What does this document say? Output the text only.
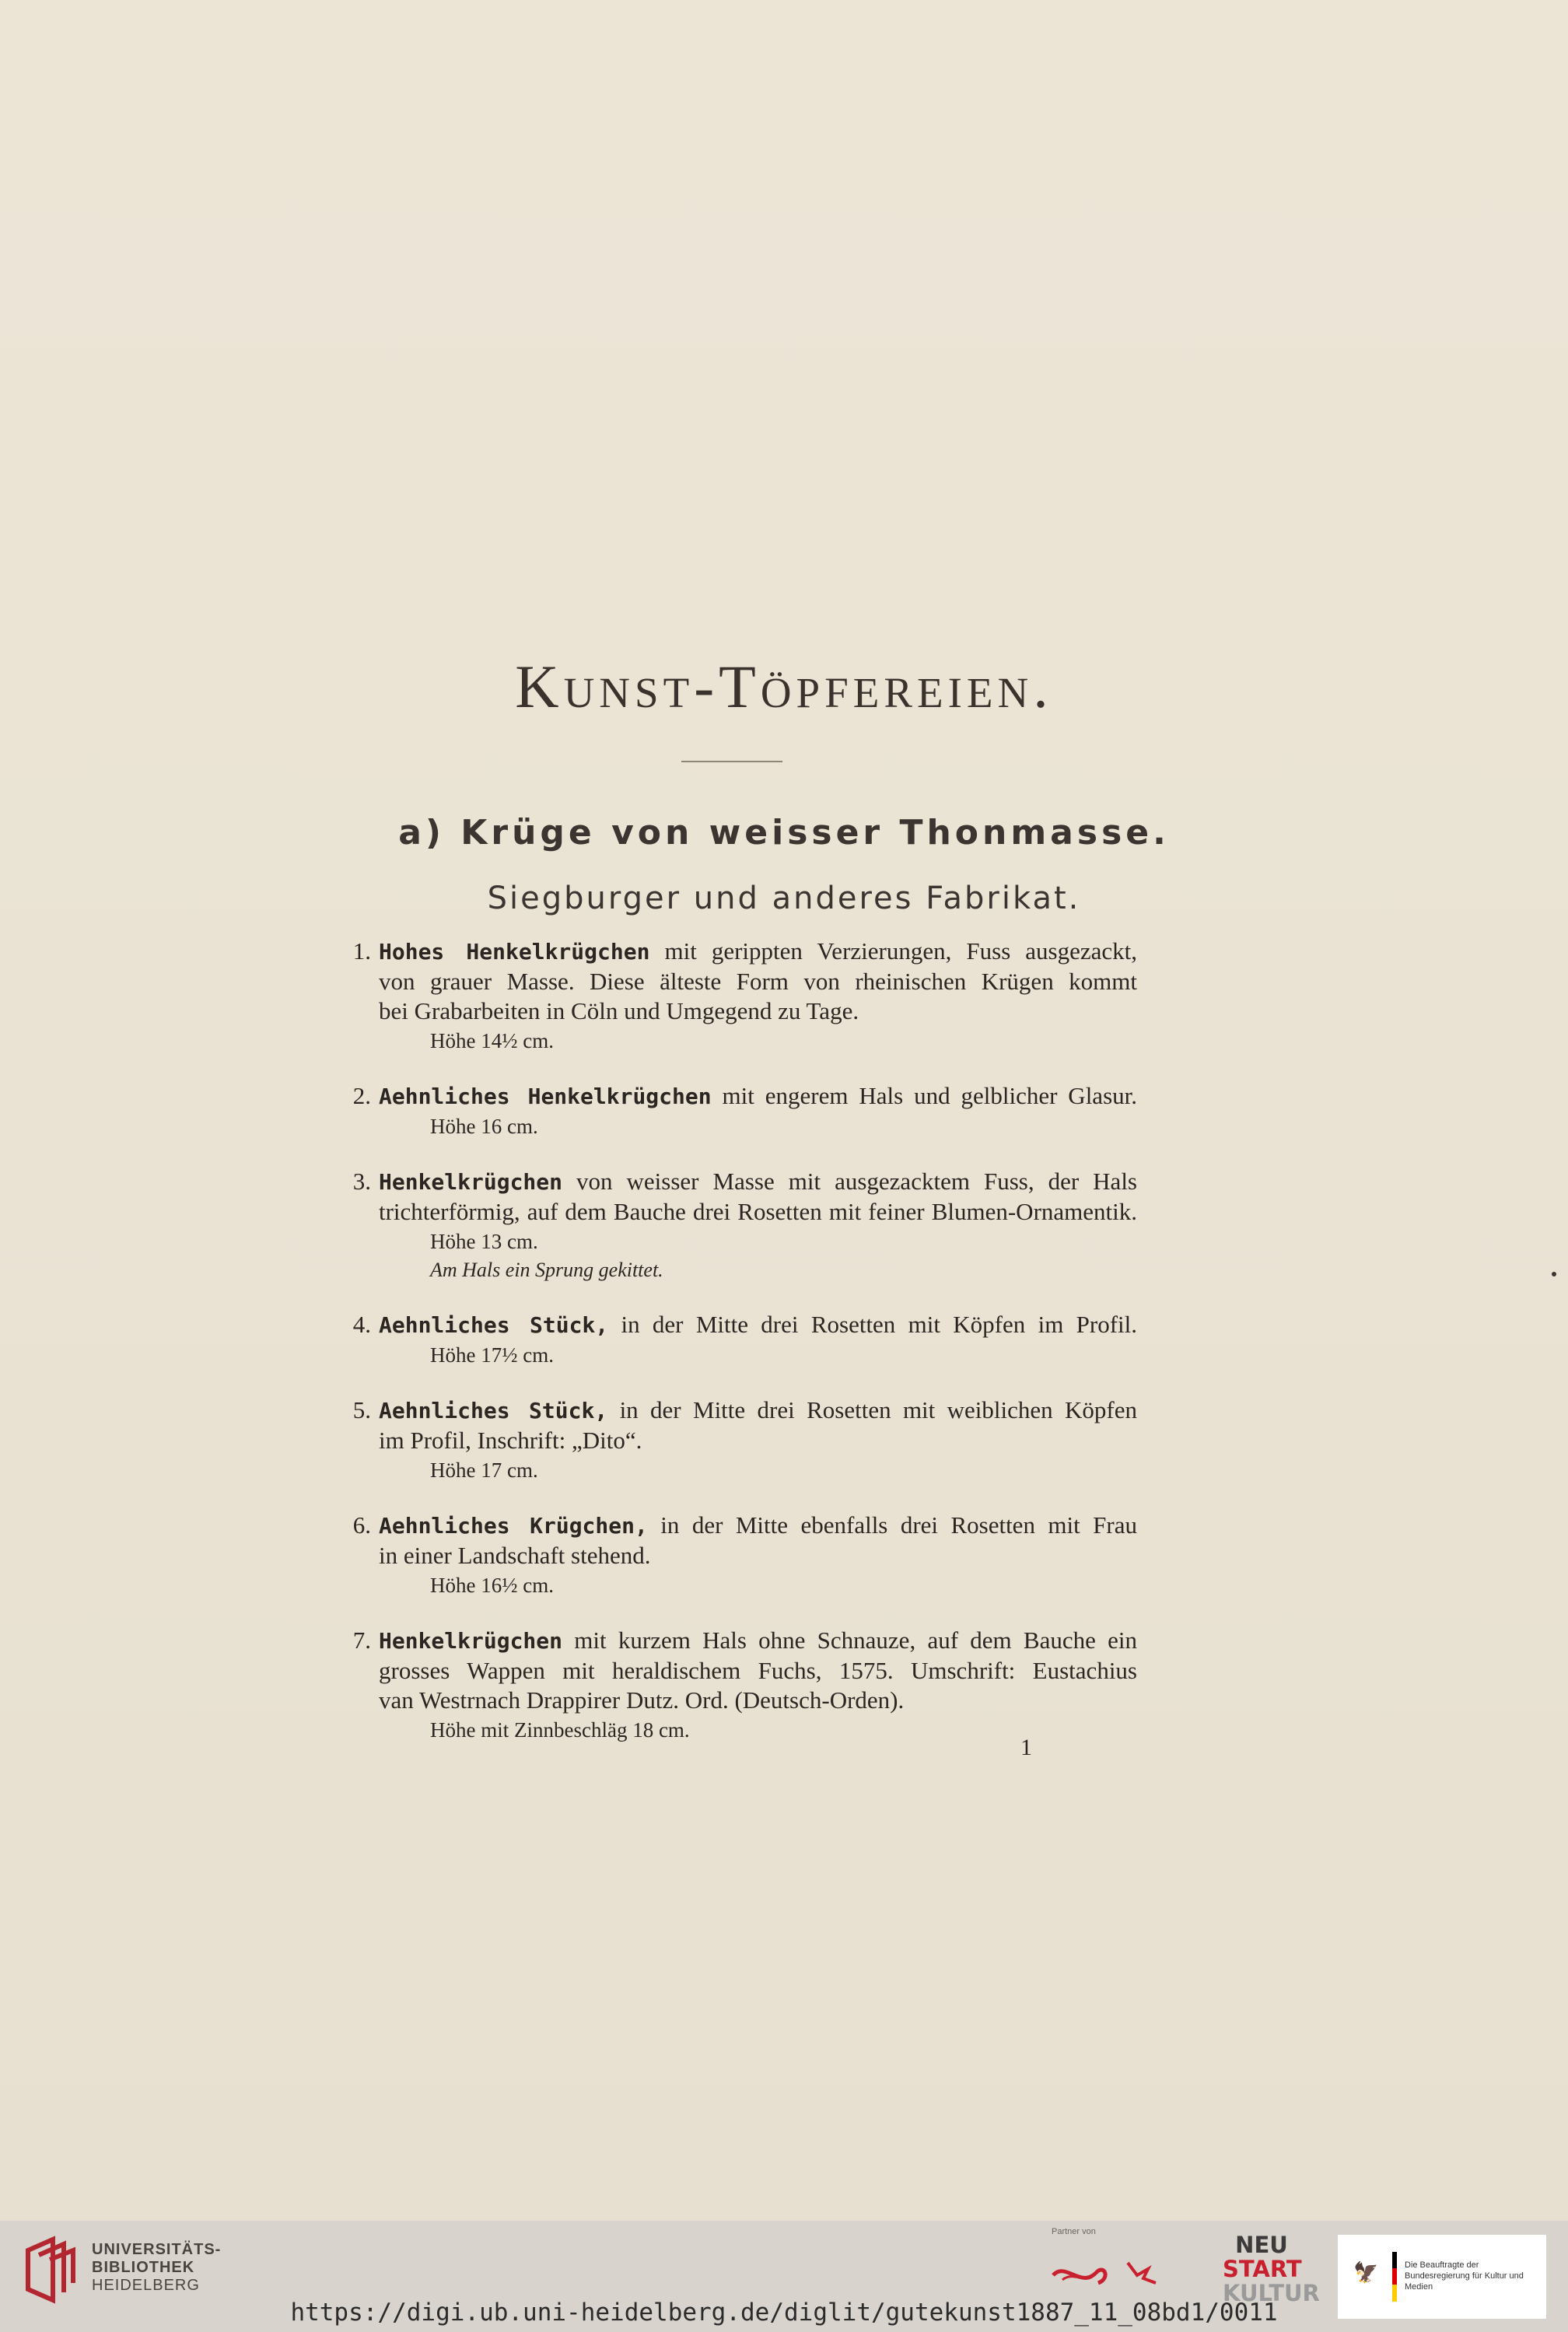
Kunst-Töpfereien.
a) Krüge von weisser Thonmasse.
Siegburger und anderes Fabrikat.
1. Hohes Henkelkrügchen mit gerippten Verzierungen, Fuss ausgezackt,
von grauer Masse. Diese älteste Form von rheinischen Krügen kommt
bei Grabarbeiten in Cöln und Umgegend zu Tage.
Höhe 14½ cm.
2. Aehnliches Henkelkrügchen mit engerem Hals und gelblicher Glasur.
Höhe 16 cm.
3. Henkelkrügchen von weisser Masse mit ausgezacktem Fuss, der Hals
trichterförmig, auf dem Bauche drei Rosetten mit feiner Blumen-Ornamentik.
Höhe 13 cm.
Am Hals ein Sprung gekittet.
4. Aehnliches Stück, in der Mitte drei Rosetten mit Köpfen im Profil.
Höhe 17½ cm.
5. Aehnliches Stück, in der Mitte drei Rosetten mit weiblichen Köpfen
im Profil, Inschrift: „Dito“.
Höhe 17 cm.
6. Aehnliches Krügchen, in der Mitte ebenfalls drei Rosetten mit Frau
in einer Landschaft stehend.
Höhe 16½ cm.
7. Henkelkrügchen mit kurzem Hals ohne Schnauze, auf dem Bauche ein
grosses Wappen mit heraldischem Fuchs, 1575. Umschrift: Eustachius
van Westrnach Drappirer Dutz. Ord. (Deutsch-Orden).
Höhe mit Zinnbeschläg 18 cm.
1
UNIVERSITÄTS-
BIBLIOTHEK
HEIDELBERG
Partner von	NEU
START
KULTUR
🦅	Die Beauftragte der Bundesregierung für Kultur und Medien
https://digi.ub.uni-heidelberg.de/diglit/gutekunst1887_11_08bd1/0011
